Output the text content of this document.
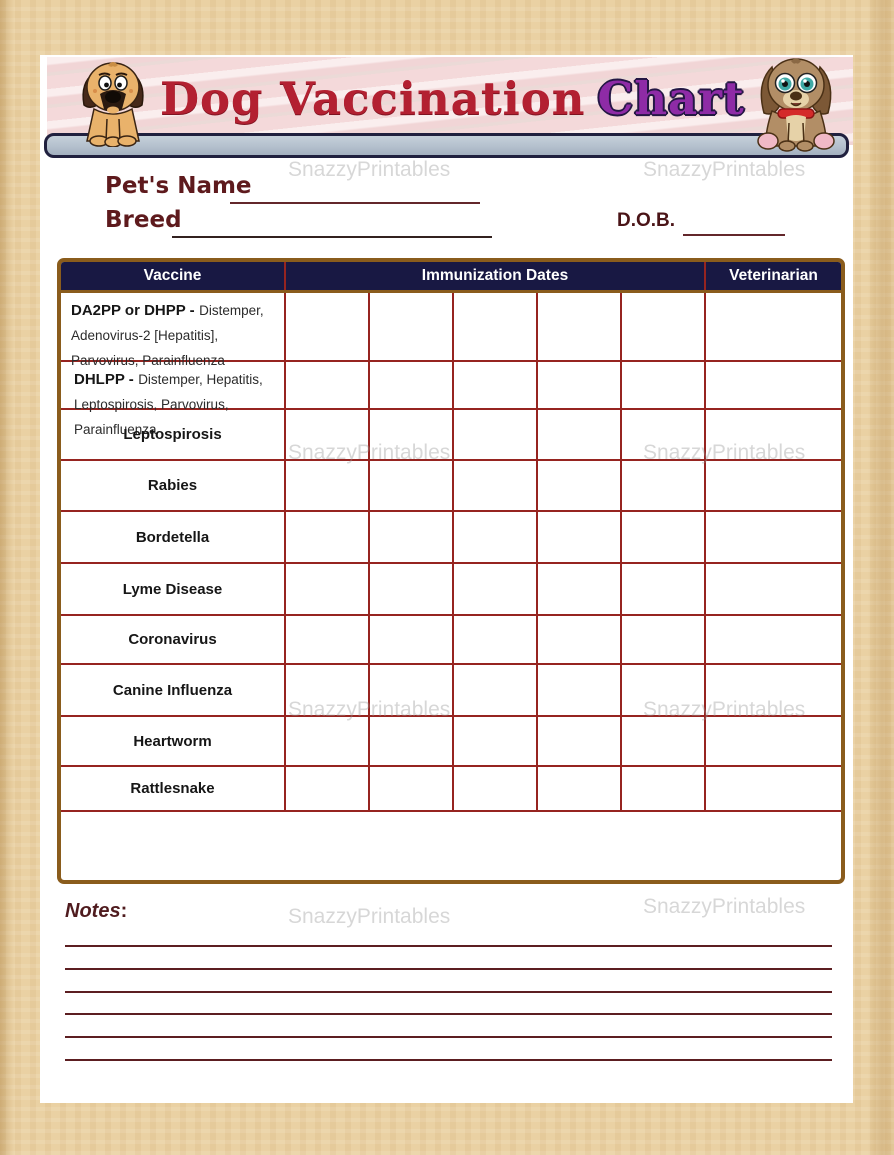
Dog Vaccination Chart
Pet's Name
Breed	D.O.B.
Vaccine	Immunization Dates	Veterinarian
DA2PP or DHPP - Distemper, Adenovirus-2 [Hepatitis], Parvovirus, Parainfluenza
DHLPP - Distemper, Hepatitis, Leptospirosis, Parvovirus, Parainfluenza
Leptospirosis
Rabies
Bordetella
Lyme Disease
Coronavirus
Canine Influenza
Heartworm
Rattlesnake
Notes:
SnazzyPrintables	SnazzyPrintables
SnazzyPrintables	SnazzyPrintables
SnazzyPrintables	SnazzyPrintables
SnazzyPrintables
SnazzyPrintables
